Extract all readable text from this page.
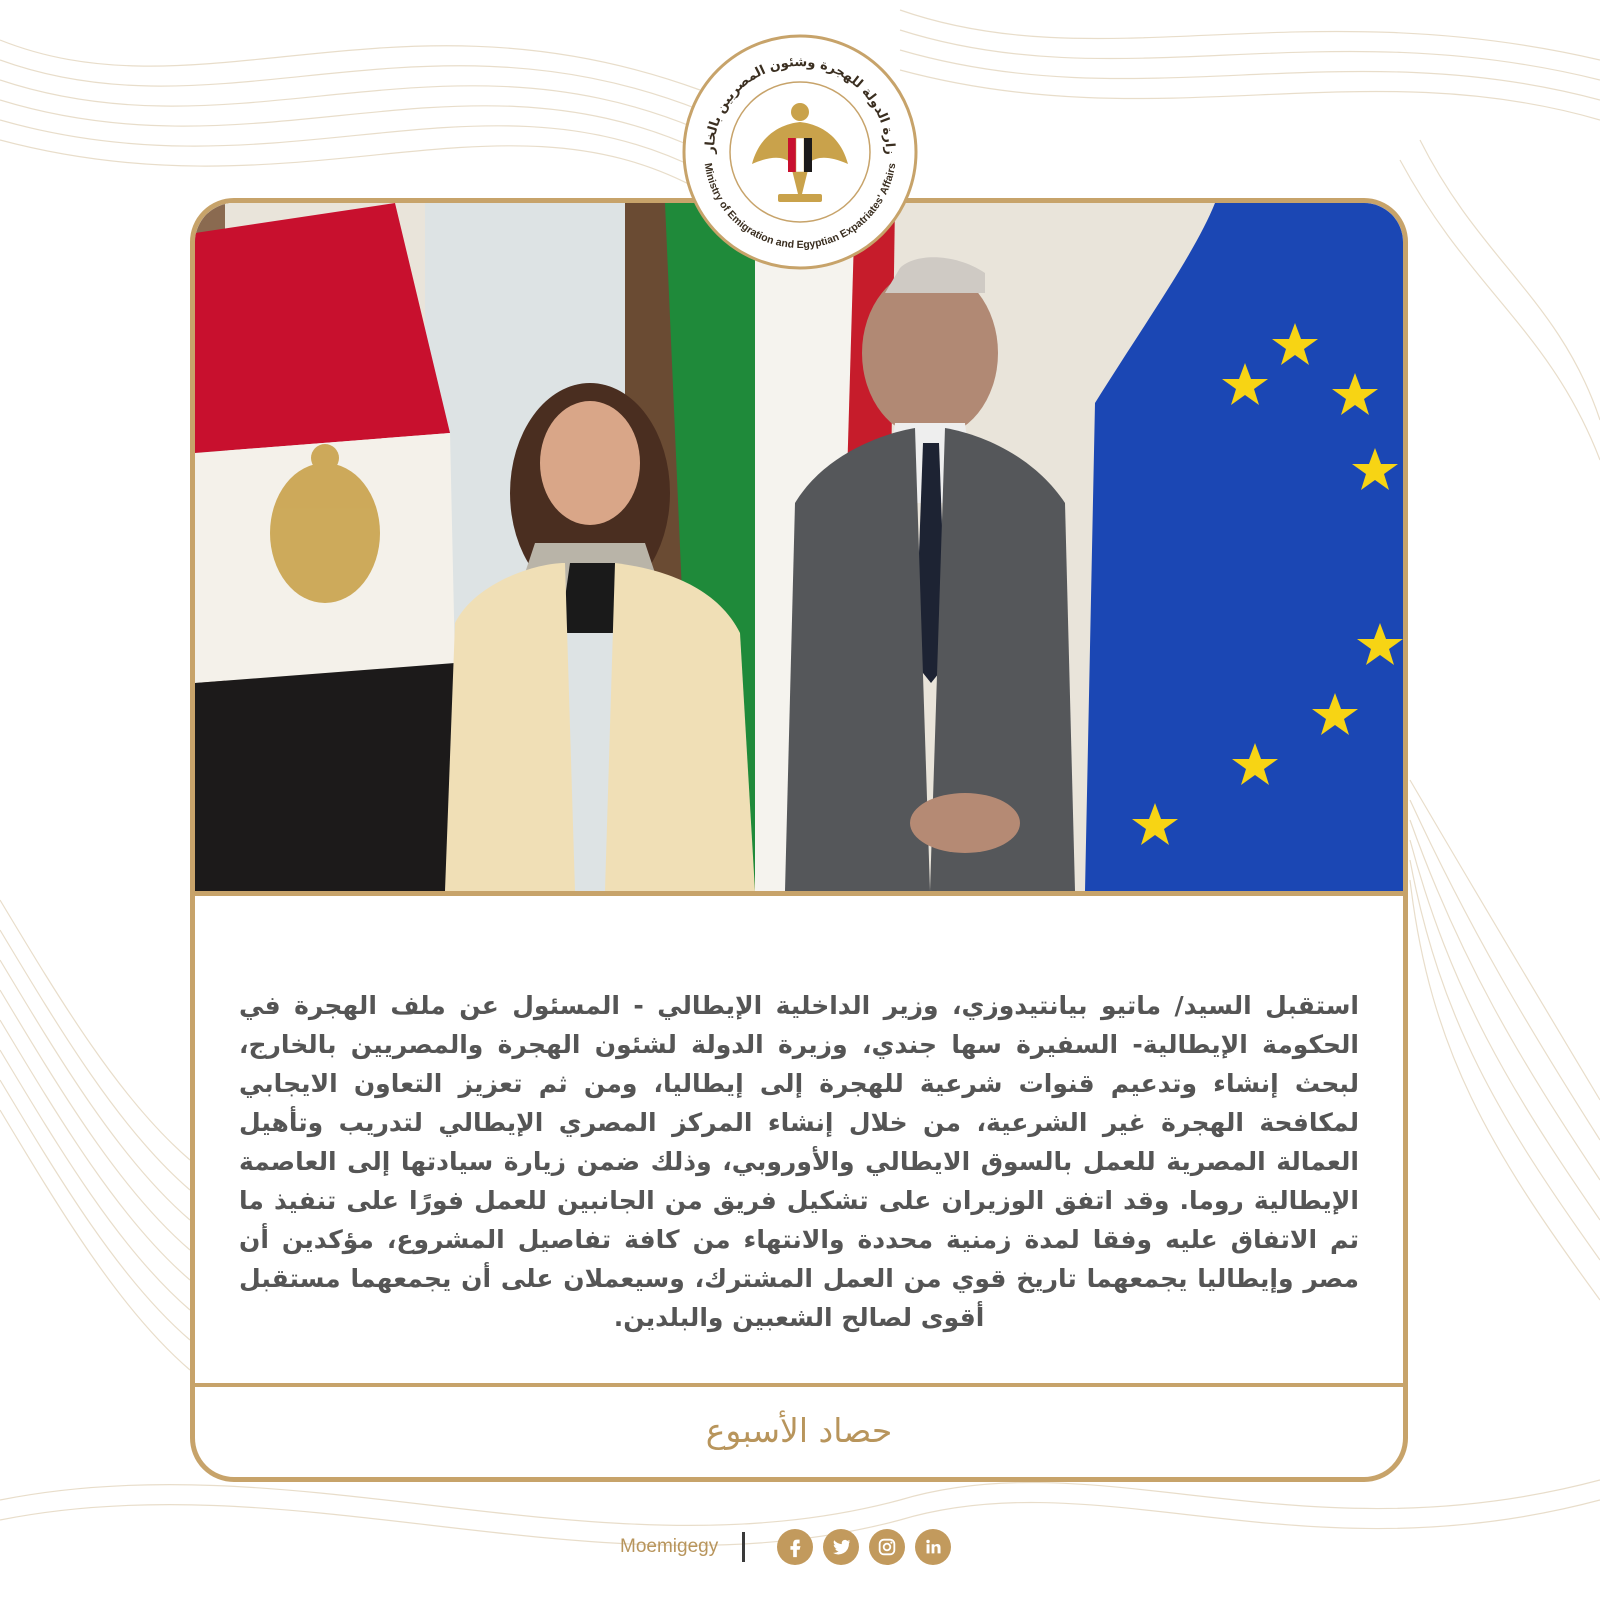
استقبل السيد/ ماتيو بيانتيدوزي، وزير الداخلية الإيطالي - المسئول عن ملف الهجرة في الحكومة الإيطالية- السفيرة سها جندي، وزيرة الدولة لشئون الهجرة والمصريين بالخارج، لبحث إنشاء وتدعيم قنوات شرعية للهجرة إلى إيطاليا، ومن ثم تعزيز التعاون الايجابي لمكافحة الهجرة غير الشرعية، من خلال إنشاء المركز المصري الإيطالي لتدريب وتأهيل العمالة المصرية للعمل بالسوق الايطالي والأوروبي، وذلك ضمن زيارة سيادتها إلى العاصمة الإيطالية روما. وقد اتفق الوزيران على تشكيل فريق من الجانبين للعمل فورًا على تنفيذ ما تم الاتفاق عليه وفقا لمدة زمنية محددة والانتهاء من كافة تفاصيل المشروع، مؤكدين أن مصر وإيطاليا يجمعهما تاريخ قوي من العمل المشترك، وسيعملان على أن يجمعهما مستقبل أقوى لصالح الشعبين والبلدين.

حصاد الأسبوع
زارة الدولة للهجرة وشئون المصريين بالخار
Ministry of Emigration and Egyptian Expatriates' Affairs
Moemigegy
